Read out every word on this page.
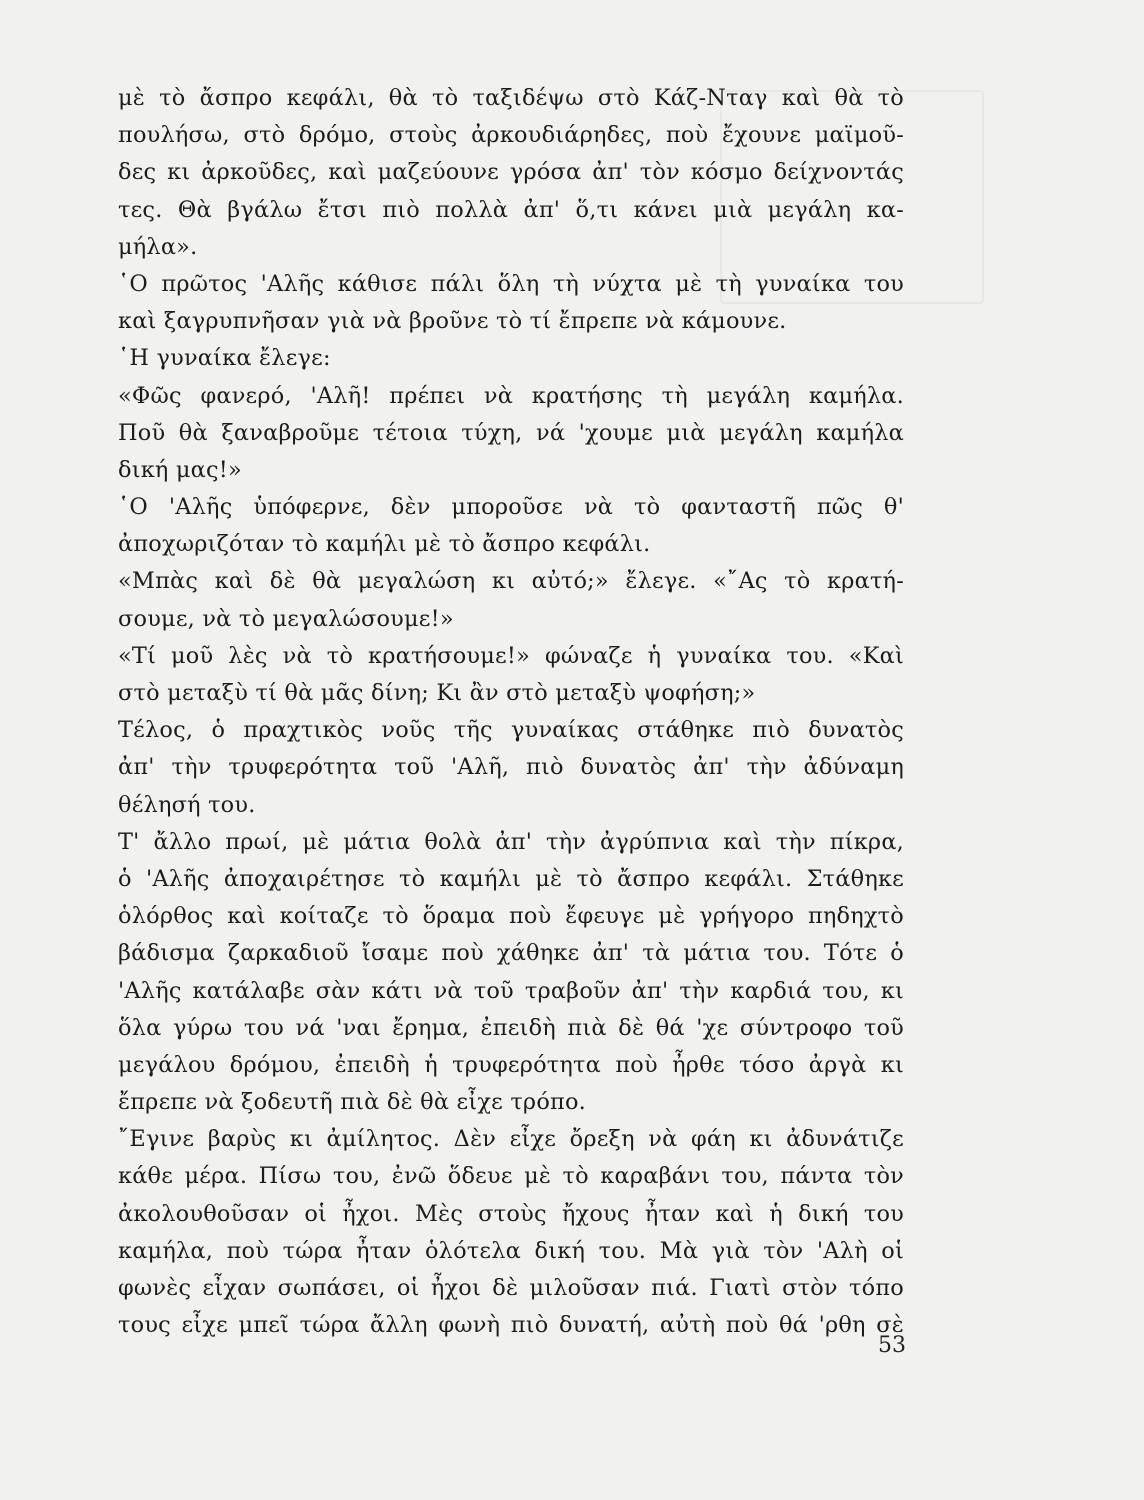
μὲ τὸ ἄσπρο κεφάλι, θὰ τὸ ταξιδέψω στὸ Κάζ-Νταγ καὶ θὰ τὸ
πουλήσω, στὸ δρόμο, στοὺς ἀρκουδιάρηδες, ποὺ ἔχουνε μαϊμοῦ-
δες κι ἀρκοῦδες, καὶ μαζεύουνε γρόσα ἀπ' τὸν κόσμο δείχνοντάς
τες. Θὰ βγάλω ἔτσι πιὸ πολλὰ ἀπ' ὅ,τι κάνει μιὰ μεγάλη κα-
μήλα».
῾Ο πρῶτος 'Αλῆς κάθισε πάλι ὅλη τὴ νύχτα μὲ τὴ γυναίκα του
καὶ ξαγρυπνῆσαν γιὰ νὰ βροῦνε τὸ τί ἔπρεπε νὰ κάμουνε.
῾Η γυναίκα ἔλεγε:
«Φῶς φανερό, 'Αλῆ! πρέπει νὰ κρατήσης τὴ μεγάλη καμήλα.
Ποῦ θὰ ξαναβροῦμε τέτοια τύχη, νά 'χουμε μιὰ μεγάλη καμήλα
δική μας!»
῾Ο 'Αλῆς ὑπόφερνε, δὲν μποροῦσε νὰ τὸ φανταστῆ πῶς θ'
ἀποχωριζόταν τὸ καμήλι μὲ τὸ ἄσπρο κεφάλι.
«Μπὰς καὶ δὲ θὰ μεγαλώση κι αὐτό;» ἔλεγε. «῎Ας τὸ κρατή-
σουμε, νὰ τὸ μεγαλώσουμε!»
«Τί μοῦ λὲς νὰ τὸ κρατήσουμε!» φώναζε ἡ γυναίκα του. «Καὶ
στὸ μεταξὺ τί θὰ μᾶς δίνη; Κι ἂν στὸ μεταξὺ ψοφήση;»
Τέλος, ὁ πραχτικὸς νοῦς τῆς γυναίκας στάθηκε πιὸ δυνατὸς
ἀπ' τὴν τρυφερότητα τοῦ 'Αλῆ, πιὸ δυνατὸς ἀπ' τὴν ἀδύναμη
θέλησή του.
Τ' ἄλλο πρωί, μὲ μάτια θολὰ ἀπ' τὴν ἀγρύπνια καὶ τὴν πίκρα,
ὁ 'Αλῆς ἀποχαιρέτησε τὸ καμήλι μὲ τὸ ἄσπρο κεφάλι. Στάθηκε
ὁλόρθος καὶ κοίταζε τὸ ὅραμα ποὺ ἔφευγε μὲ γρήγορο πηδηχτὸ
βάδισμα ζαρκαδιοῦ ἴσαμε ποὺ χάθηκε ἀπ' τὰ μάτια του. Τότε ὁ
'Αλῆς κατάλαβε σὰν κάτι νὰ τοῦ τραβοῦν ἀπ' τὴν καρδιά του, κι
ὅλα γύρω του νά 'ναι ἔρημα, ἐπειδὴ πιὰ δὲ θά 'χε σύντροφο τοῦ
μεγάλου δρόμου, ἐπειδὴ ἡ τρυφερότητα ποὺ ἦρθε τόσο ἀργὰ κι
ἔπρεπε νὰ ξοδευτῆ πιὰ δὲ θὰ εἶχε τρόπο.
῎Εγινε βαρὺς κι ἀμίλητος. Δὲν εἶχε ὄρεξη νὰ φάη κι ἀδυνάτιζε
κάθε μέρα. Πίσω του, ἐνῶ ὅδευε μὲ τὸ καραβάνι του, πάντα τὸν
ἀκολουθοῦσαν οἱ ἦχοι. Μὲς στοὺς ἤχους ἦταν καὶ ἡ δική του
καμήλα, ποὺ τώρα ἦταν ὁλότελα δική του. Μὰ γιὰ τὸν 'Αλὴ οἱ
φωνὲς εἶχαν σωπάσει, οἱ ἦχοι δὲ μιλοῦσαν πιά. Γιατὶ στὸν τόπο
τους εἶχε μπεῖ τώρα ἄλλη φωνὴ πιὸ δυνατή, αὐτὴ ποὺ θά 'ρθη σὲ
53
